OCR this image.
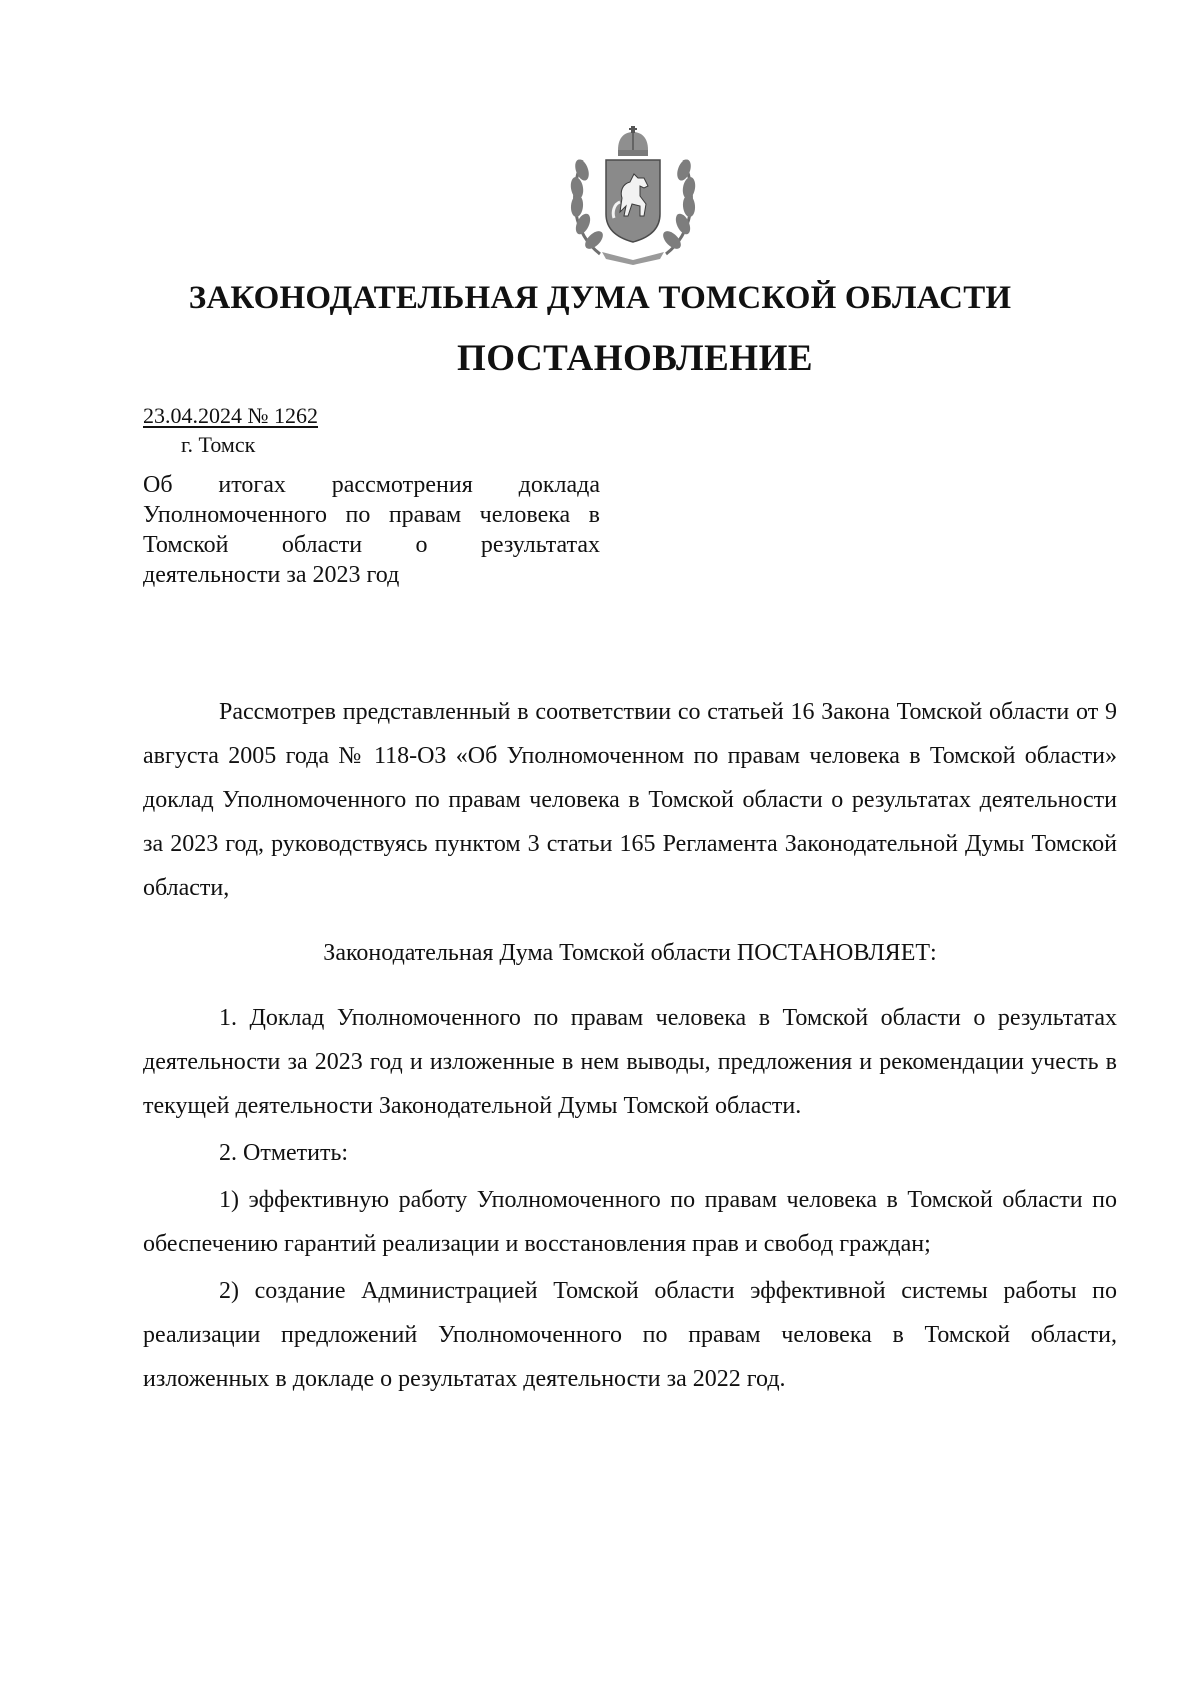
ЗАКОНОДАТЕЛЬНАЯ ДУМА ТОМСКОЙ ОБЛАСТИ
ПОСТАНОВЛЕНИЕ
23.04.2024 № 1262
г. Томск
Об итогах рассмотрения доклада Уполномоченного по правам человека в Томской области о результатах деятельности за 2023 год

Рассмотрев представленный в соответствии со статьей 16 Закона Томской области от 9 августа 2005 года № 118-ОЗ «Об Уполномоченном по правам человека в Томской области» доклад Уполномоченного по правам человека в Томской области о результатах деятельности за 2023 год, руководствуясь пунктом 3 статьи 165 Регламента Законодательной Думы Томской области,

Законодательная Дума Томской области ПОСТАНОВЛЯЕТ:

1. Доклад Уполномоченного по правам человека в Томской области о результатах деятельности за 2023 год и изложенные в нем выводы, предложения и рекомендации учесть в текущей деятельности Законодательной Думы Томской области.

2. Отметить:

1) эффективную работу Уполномоченного по правам человека в Томской области по обеспечению гарантий реализации и восстановления прав и свобод граждан;

2) создание Администрацией Томской области эффективной системы работы по реализации предложений Уполномоченного по правам человека в Томской области, изложенных в докладе о результатах деятельности за 2022 год.
